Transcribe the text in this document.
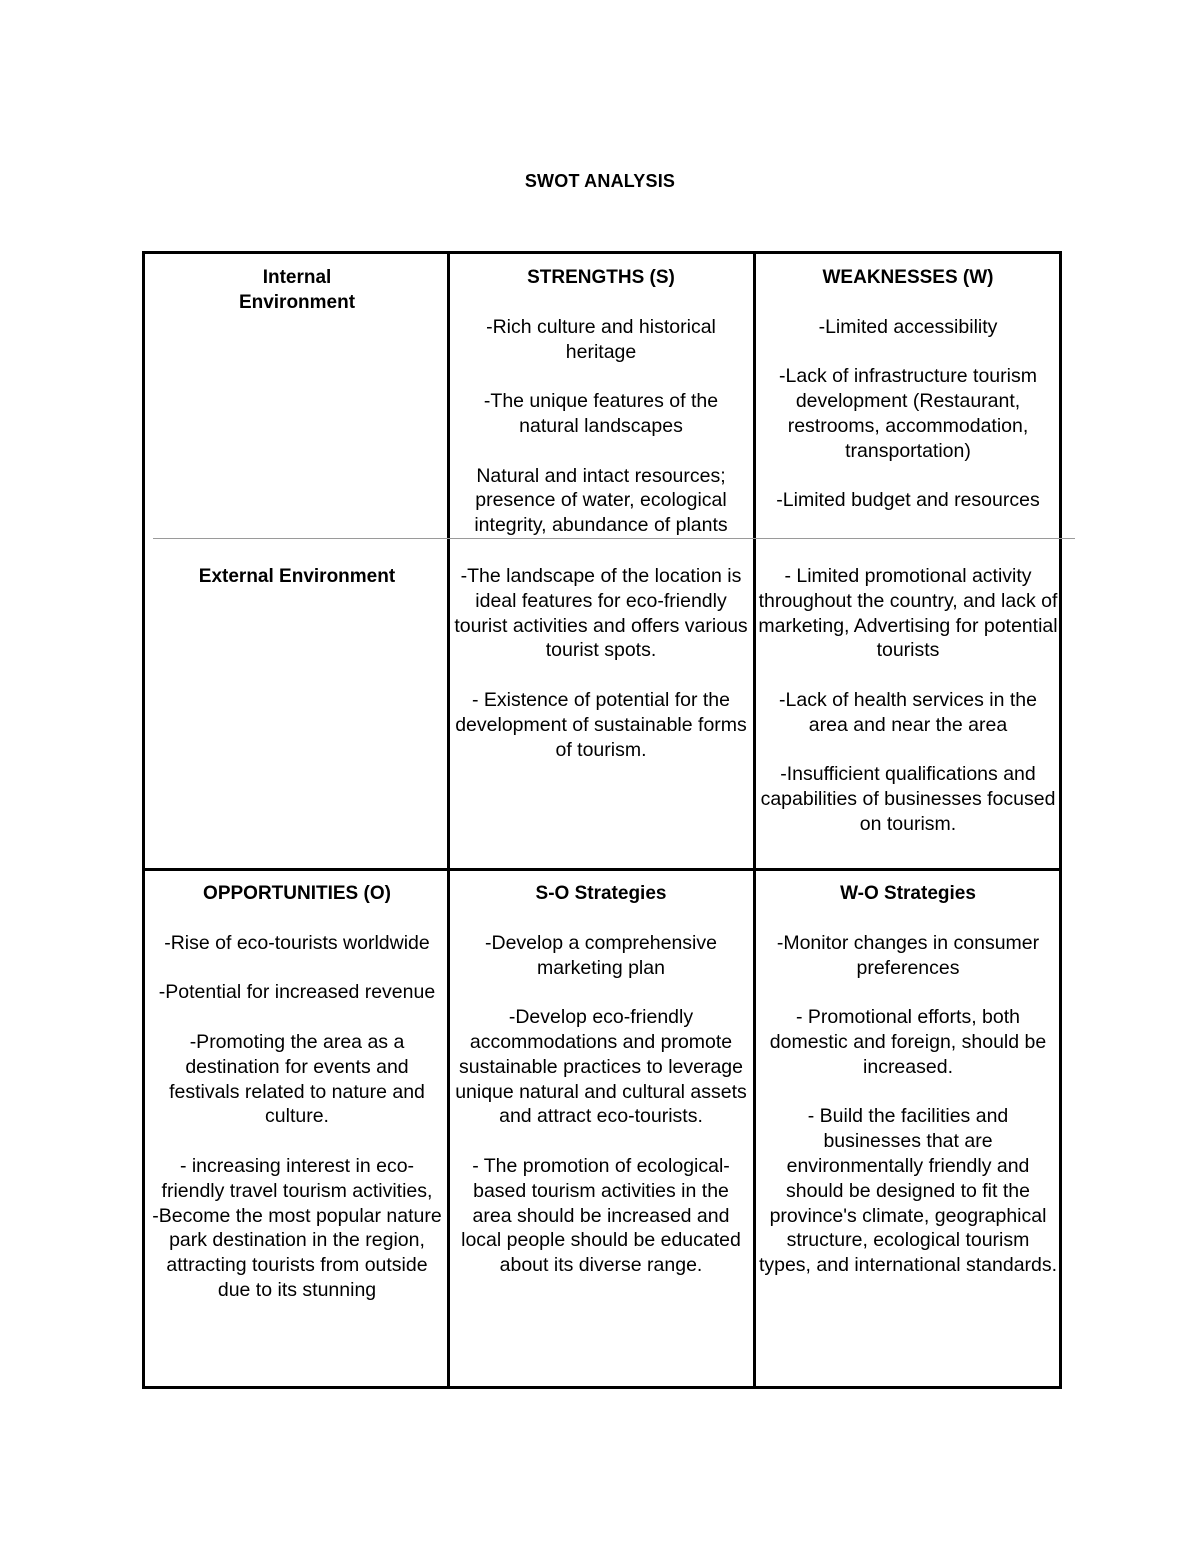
SWOT ANALYSIS

Internal

Environment

STRENGTHS (S)

-Rich culture and historical heritage

-The unique features of the natural landscapes

Natural and intact resources; presence of water, ecological integrity, abundance of plants

WEAKNESSES (W)

-Limited accessibility

-Lack of infrastructure tourism development (Restaurant, restrooms, accommodation, transportation)

-Limited budget and resources

External Environment	-The landscape of the location is ideal features for eco-friendly tourist activities and offers various tourist spots.

- Existence of potential for the development of sustainable forms of tourism.

- Limited promotional activity throughout the country, and lack of marketing, Advertising for potential tourists

-Lack of health services in the area and near the area

-Insufficient qualifications and capabilities of businesses focused on tourism.

OPPORTUNITIES (O)

-Rise of eco-tourists worldwide

-Potential for increased revenue

-Promoting the area as a destination for events and festivals related to nature and culture.

- increasing interest in eco-friendly travel tourism activities,

-Become the most popular nature park destination in the region, attracting tourists from outside due to its stunning

S-O Strategies

-Develop a comprehensive marketing plan

-Develop eco-friendly accommodations and promote sustainable practices to leverage unique natural and cultural assets and attract eco-tourists.

- The promotion of ecological-based tourism activities in the area should be increased and local people should be educated about its diverse range.

W-O Strategies

-Monitor changes in consumer preferences

- Promotional efforts, both domestic and foreign, should be increased.

- Build the facilities and businesses that are environmentally friendly and should be designed to fit the province's climate, geographical structure, ecological tourism types, and international standards.
